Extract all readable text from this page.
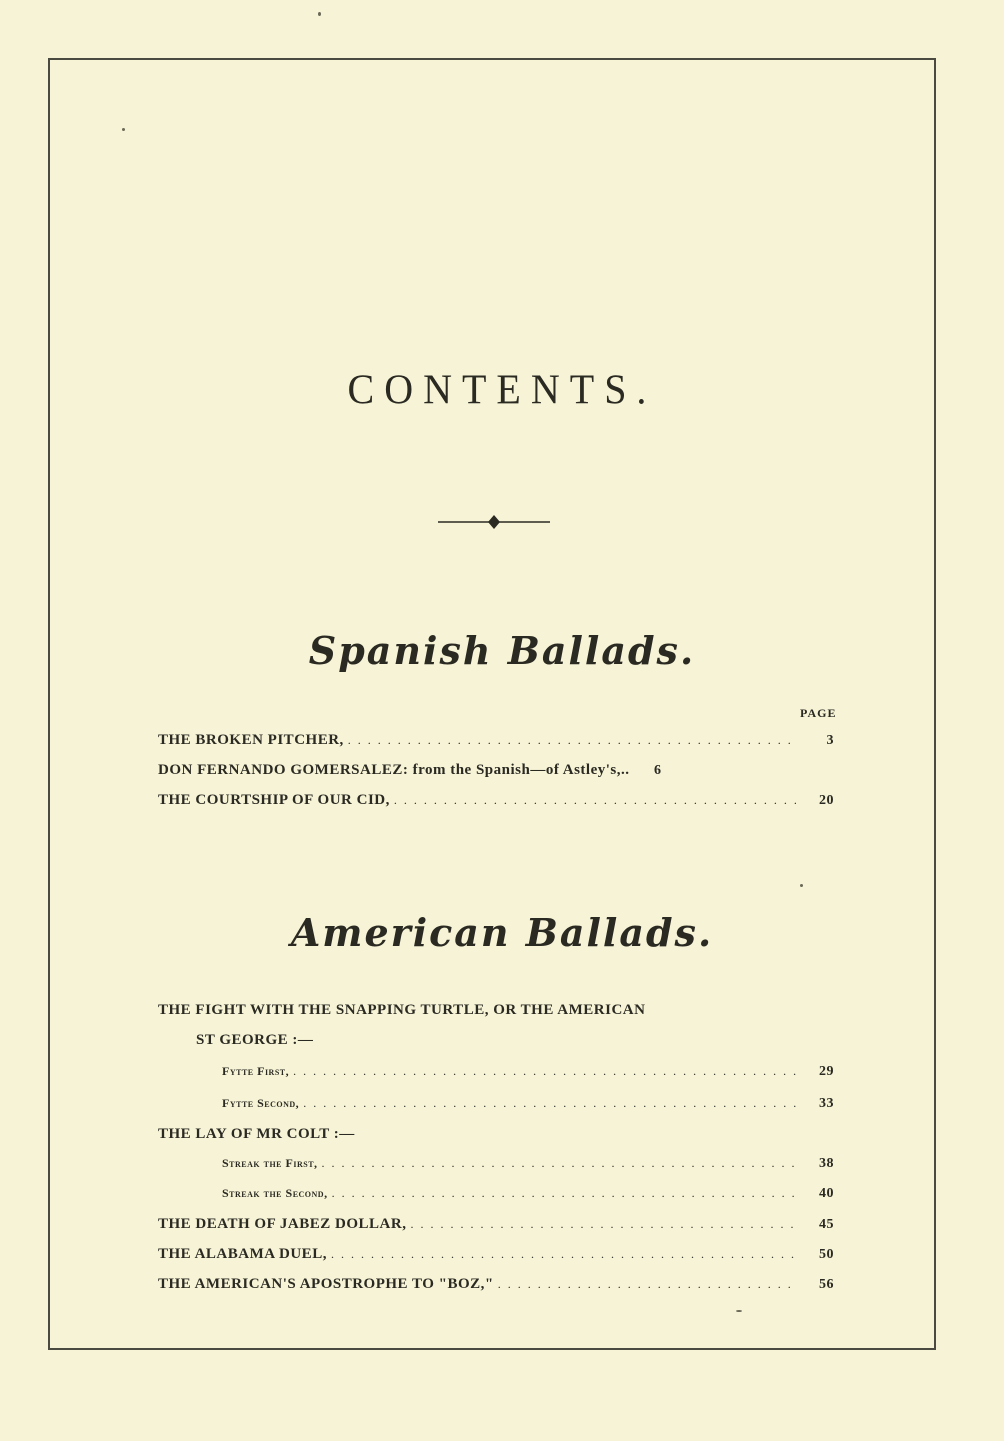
CONTENTS.
Spanish Ballads.
PAGE
THE BROKEN PITCHER, . . .	3
DON FERNANDO GOMERSALEZ: from the Spanish—of Astley's,..	6
THE COURTSHIP OF OUR CID, . . .	20
American Ballads.
THE FIGHT WITH THE SNAPPING TURTLE, OR THE AMERICAN
ST GEORGE :—
Fytte First, . . .	29
Fytte Second, . . .	33
THE LAY OF MR COLT :—
Streak the First, . . .	38
Streak the Second, . . .	40
THE DEATH OF JABEZ DOLLAR, . . .	45
THE ALABAMA DUEL, . . .	50
THE AMERICAN'S APOSTROPHE TO "BOZ," . . .	56
